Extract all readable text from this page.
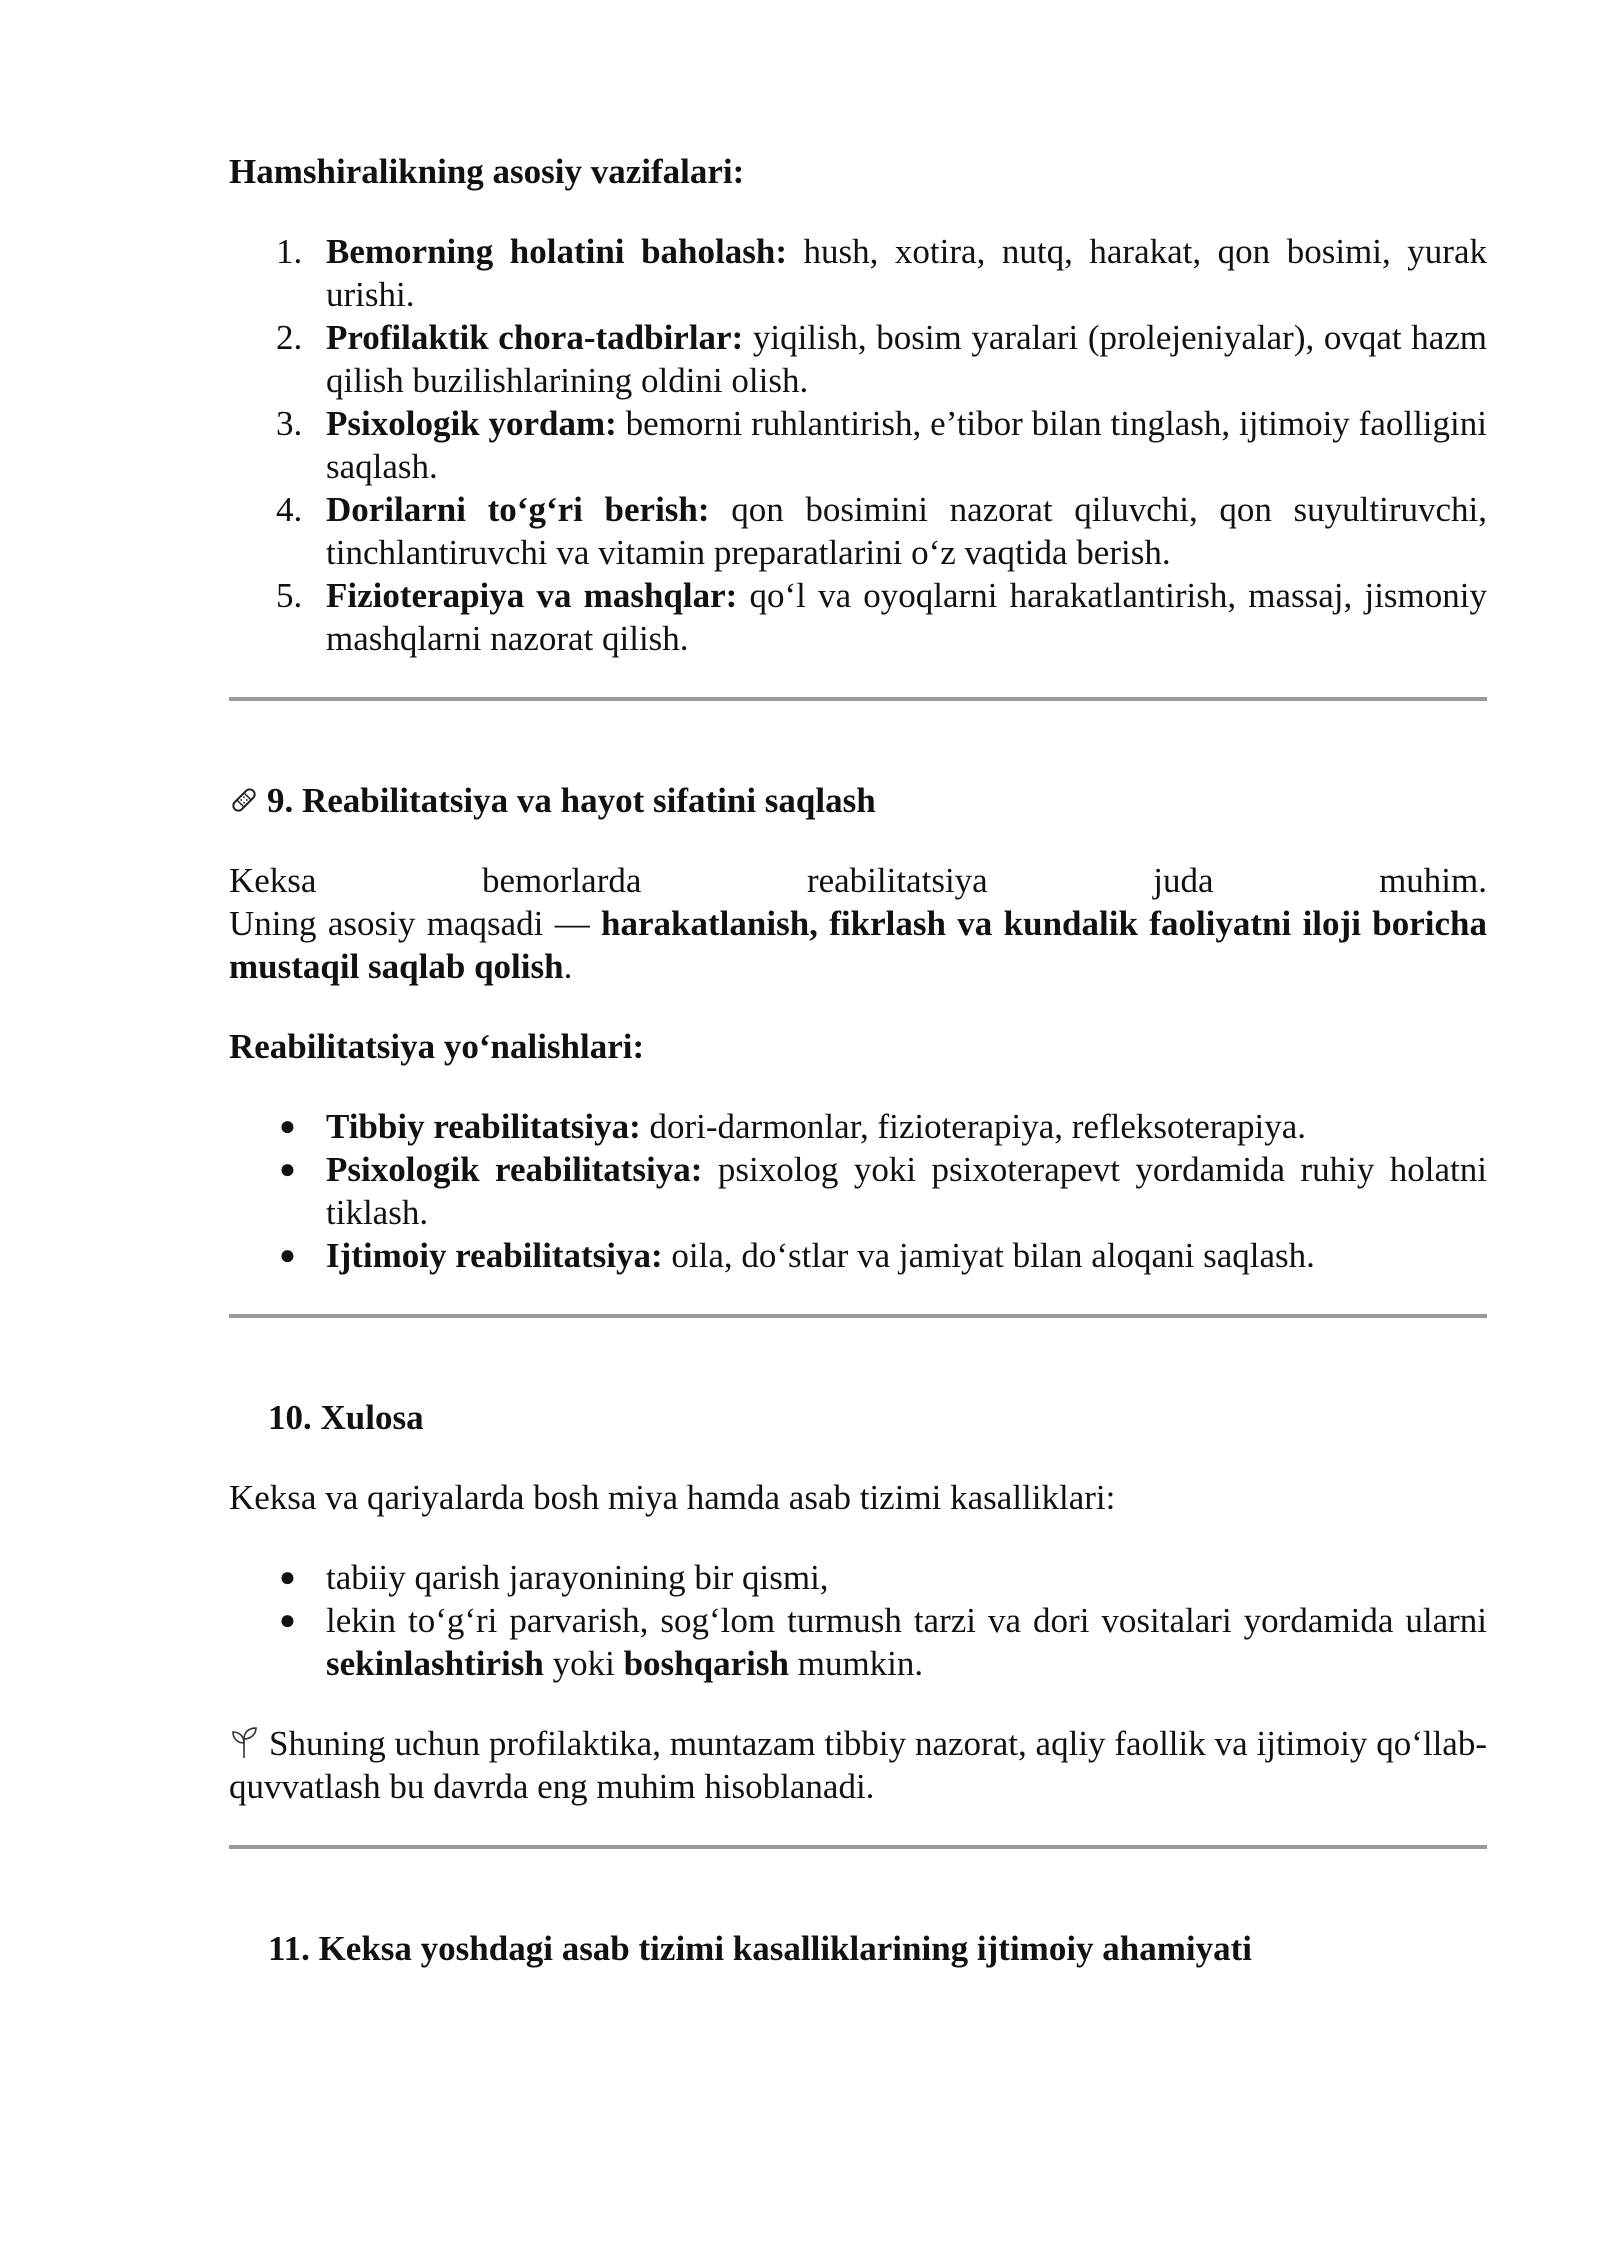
Hamshiralikning asosiy vazifalari:

1. Bemorning holatini baholash: hush, xotira, nutq, harakat, qon bosimi, yurak urishi.
2. Profilaktik chora-tadbirlar: yiqilish, bosim yaralari (prolejeniyalar), ovqat hazm qilish buzilishlarining oldini olish.
3. Psixologik yordam: bemorni ruhlantirish, e’tibor bilan tinglash, ijtimoiy faolligini saqlash.
4. Dorilarni to‘g‘ri berish: qon bosimini nazorat qiluvchi, qon suyultiruvchi, tinchlantiruvchi va vitamin preparatlarini o‘z vaqtida berish.
5. Fizioterapiya va mashqlar: qo‘l va oyoqlarni harakatlantirish, massaj, jismoniy mashqlarni nazorat qilish.

9. Reabilitatsiya va hayot sifatini saqlash

Keksa	bemorlarda	reabilitatsiya	juda	muhim.

Uning asosiy maqsadi — harakatlanish, fikrlash va kundalik faoliyatni iloji boricha mustaqil saqlab qolish.

Reabilitatsiya yo‘nalishlari:

● Tibbiy reabilitatsiya: dori-darmonlar, fizioterapiya, refleksoterapiya.
● Psixologik reabilitatsiya: psixolog yoki psixoterapevt yordamida ruhiy holatni tiklash.
● Ijtimoiy reabilitatsiya: oila, do‘stlar va jamiyat bilan aloqani saqlash.

10. Xulosa

Keksa va qariyalarda bosh miya hamda asab tizimi kasalliklari:

● tabiiy qarish jarayonining bir qismi,
● lekin to‘g‘ri parvarish, sog‘lom turmush tarzi va dori vositalari yordamida ularni sekinlashtirish yoki boshqarish mumkin.

Shuning uchun profilaktika, muntazam tibbiy nazorat, aqliy faollik va ijtimoiy qo‘llab-quvvatlash bu davrda eng muhim hisoblanadi.

11. Keksa yoshdagi asab tizimi kasalliklarining ijtimoiy ahamiyati
